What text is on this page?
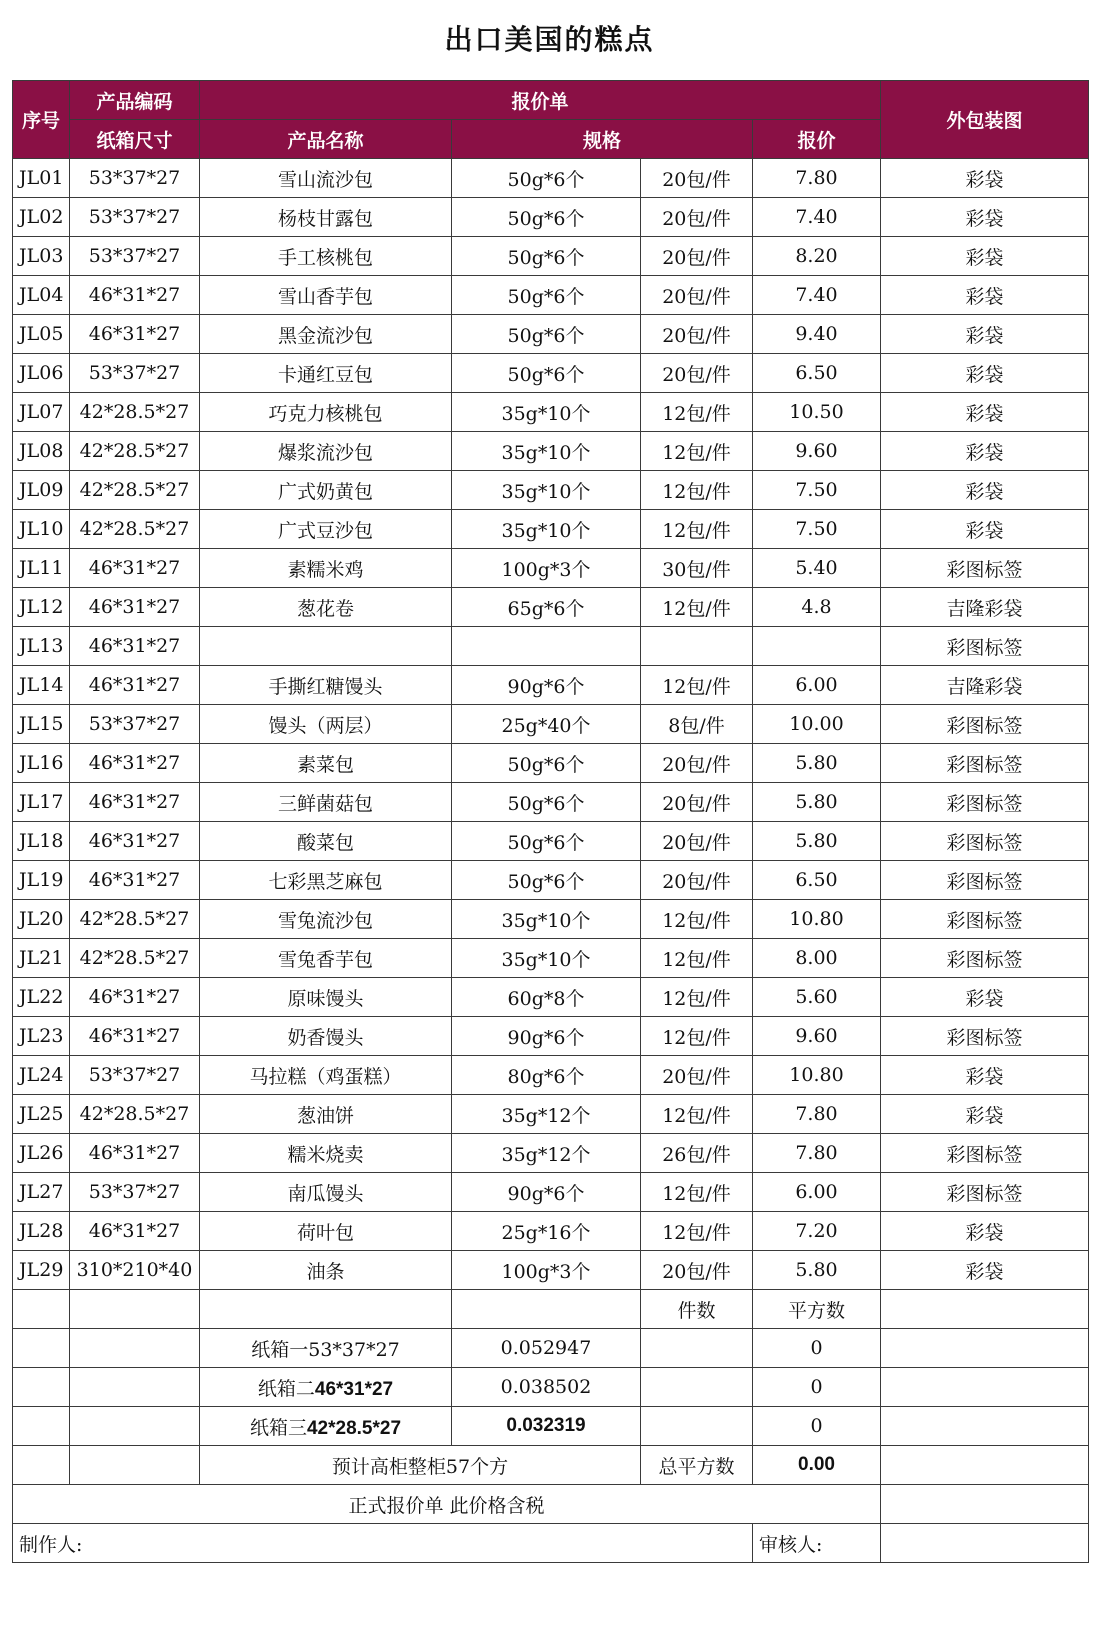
出口美国的糕点
序号	产品编码	报价单				外包装图
	纸箱尺寸	产品名称	规格		报价	
JL01	53*37*27	雪山流沙包	50g*6个	20包/件	7.80	彩袋
JL02	53*37*27	杨枝甘露包	50g*6个	20包/件	7.40	彩袋
JL03	53*37*27	手工核桃包	50g*6个	20包/件	8.20	彩袋
JL04	46*31*27	雪山香芋包	50g*6个	20包/件	7.40	彩袋
JL05	46*31*27	黑金流沙包	50g*6个	20包/件	9.40	彩袋
JL06	53*37*27	卡通红豆包	50g*6个	20包/件	6.50	彩袋
JL07	42*28.5*27	巧克力核桃包	35g*10个	12包/件	10.50	彩袋
JL08	42*28.5*27	爆浆流沙包	35g*10个	12包/件	9.60	彩袋
JL09	42*28.5*27	广式奶黄包	35g*10个	12包/件	7.50	彩袋
JL10	42*28.5*27	广式豆沙包	35g*10个	12包/件	7.50	彩袋
JL11	46*31*27	素糯米鸡	100g*3个	30包/件	5.40	彩图标签
JL12	46*31*27	葱花卷	65g*6个	12包/件	4.8	吉隆彩袋
JL13	46*31*27					彩图标签
JL14	46*31*27	手撕红糖馒头	90g*6个	12包/件	6.00	吉隆彩袋
JL15	53*37*27	馒头（两层）	25g*40个	8包/件	10.00	彩图标签
JL16	46*31*27	素菜包	50g*6个	20包/件	5.80	彩图标签
JL17	46*31*27	三鲜菌菇包	50g*6个	20包/件	5.80	彩图标签
JL18	46*31*27	酸菜包	50g*6个	20包/件	5.80	彩图标签
JL19	46*31*27	七彩黑芝麻包	50g*6个	20包/件	6.50	彩图标签
JL20	42*28.5*27	雪兔流沙包	35g*10个	12包/件	10.80	彩图标签
JL21	42*28.5*27	雪兔香芋包	35g*10个	12包/件	8.00	彩图标签
JL22	46*31*27	原味馒头	60g*8个	12包/件	5.60	彩袋
JL23	46*31*27	奶香馒头	90g*6个	12包/件	9.60	彩图标签
JL24	53*37*27	马拉糕（鸡蛋糕）	80g*6个	20包/件	10.80	彩袋
JL25	42*28.5*27	葱油饼	35g*12个	12包/件	7.80	彩袋
JL26	46*31*27	糯米烧卖	35g*12个	26包/件	7.80	彩图标签
JL27	53*37*27	南瓜馒头	90g*6个	12包/件	6.00	彩图标签
JL28	46*31*27	荷叶包	25g*16个	12包/件	7.20	彩袋
JL29	310*210*40	油条	100g*3个	20包/件	5.80	彩袋
				件数	平方数	
		纸箱一53*37*27	0.052947		0	
		纸箱二46*31*27	0.038502		0	
		纸箱三42*28.5*27	0.032319		0	
		预计高柜整柜57个方		总平方数	0.00	
正式报价单 此价格含税						
制作人:					审核人:	
